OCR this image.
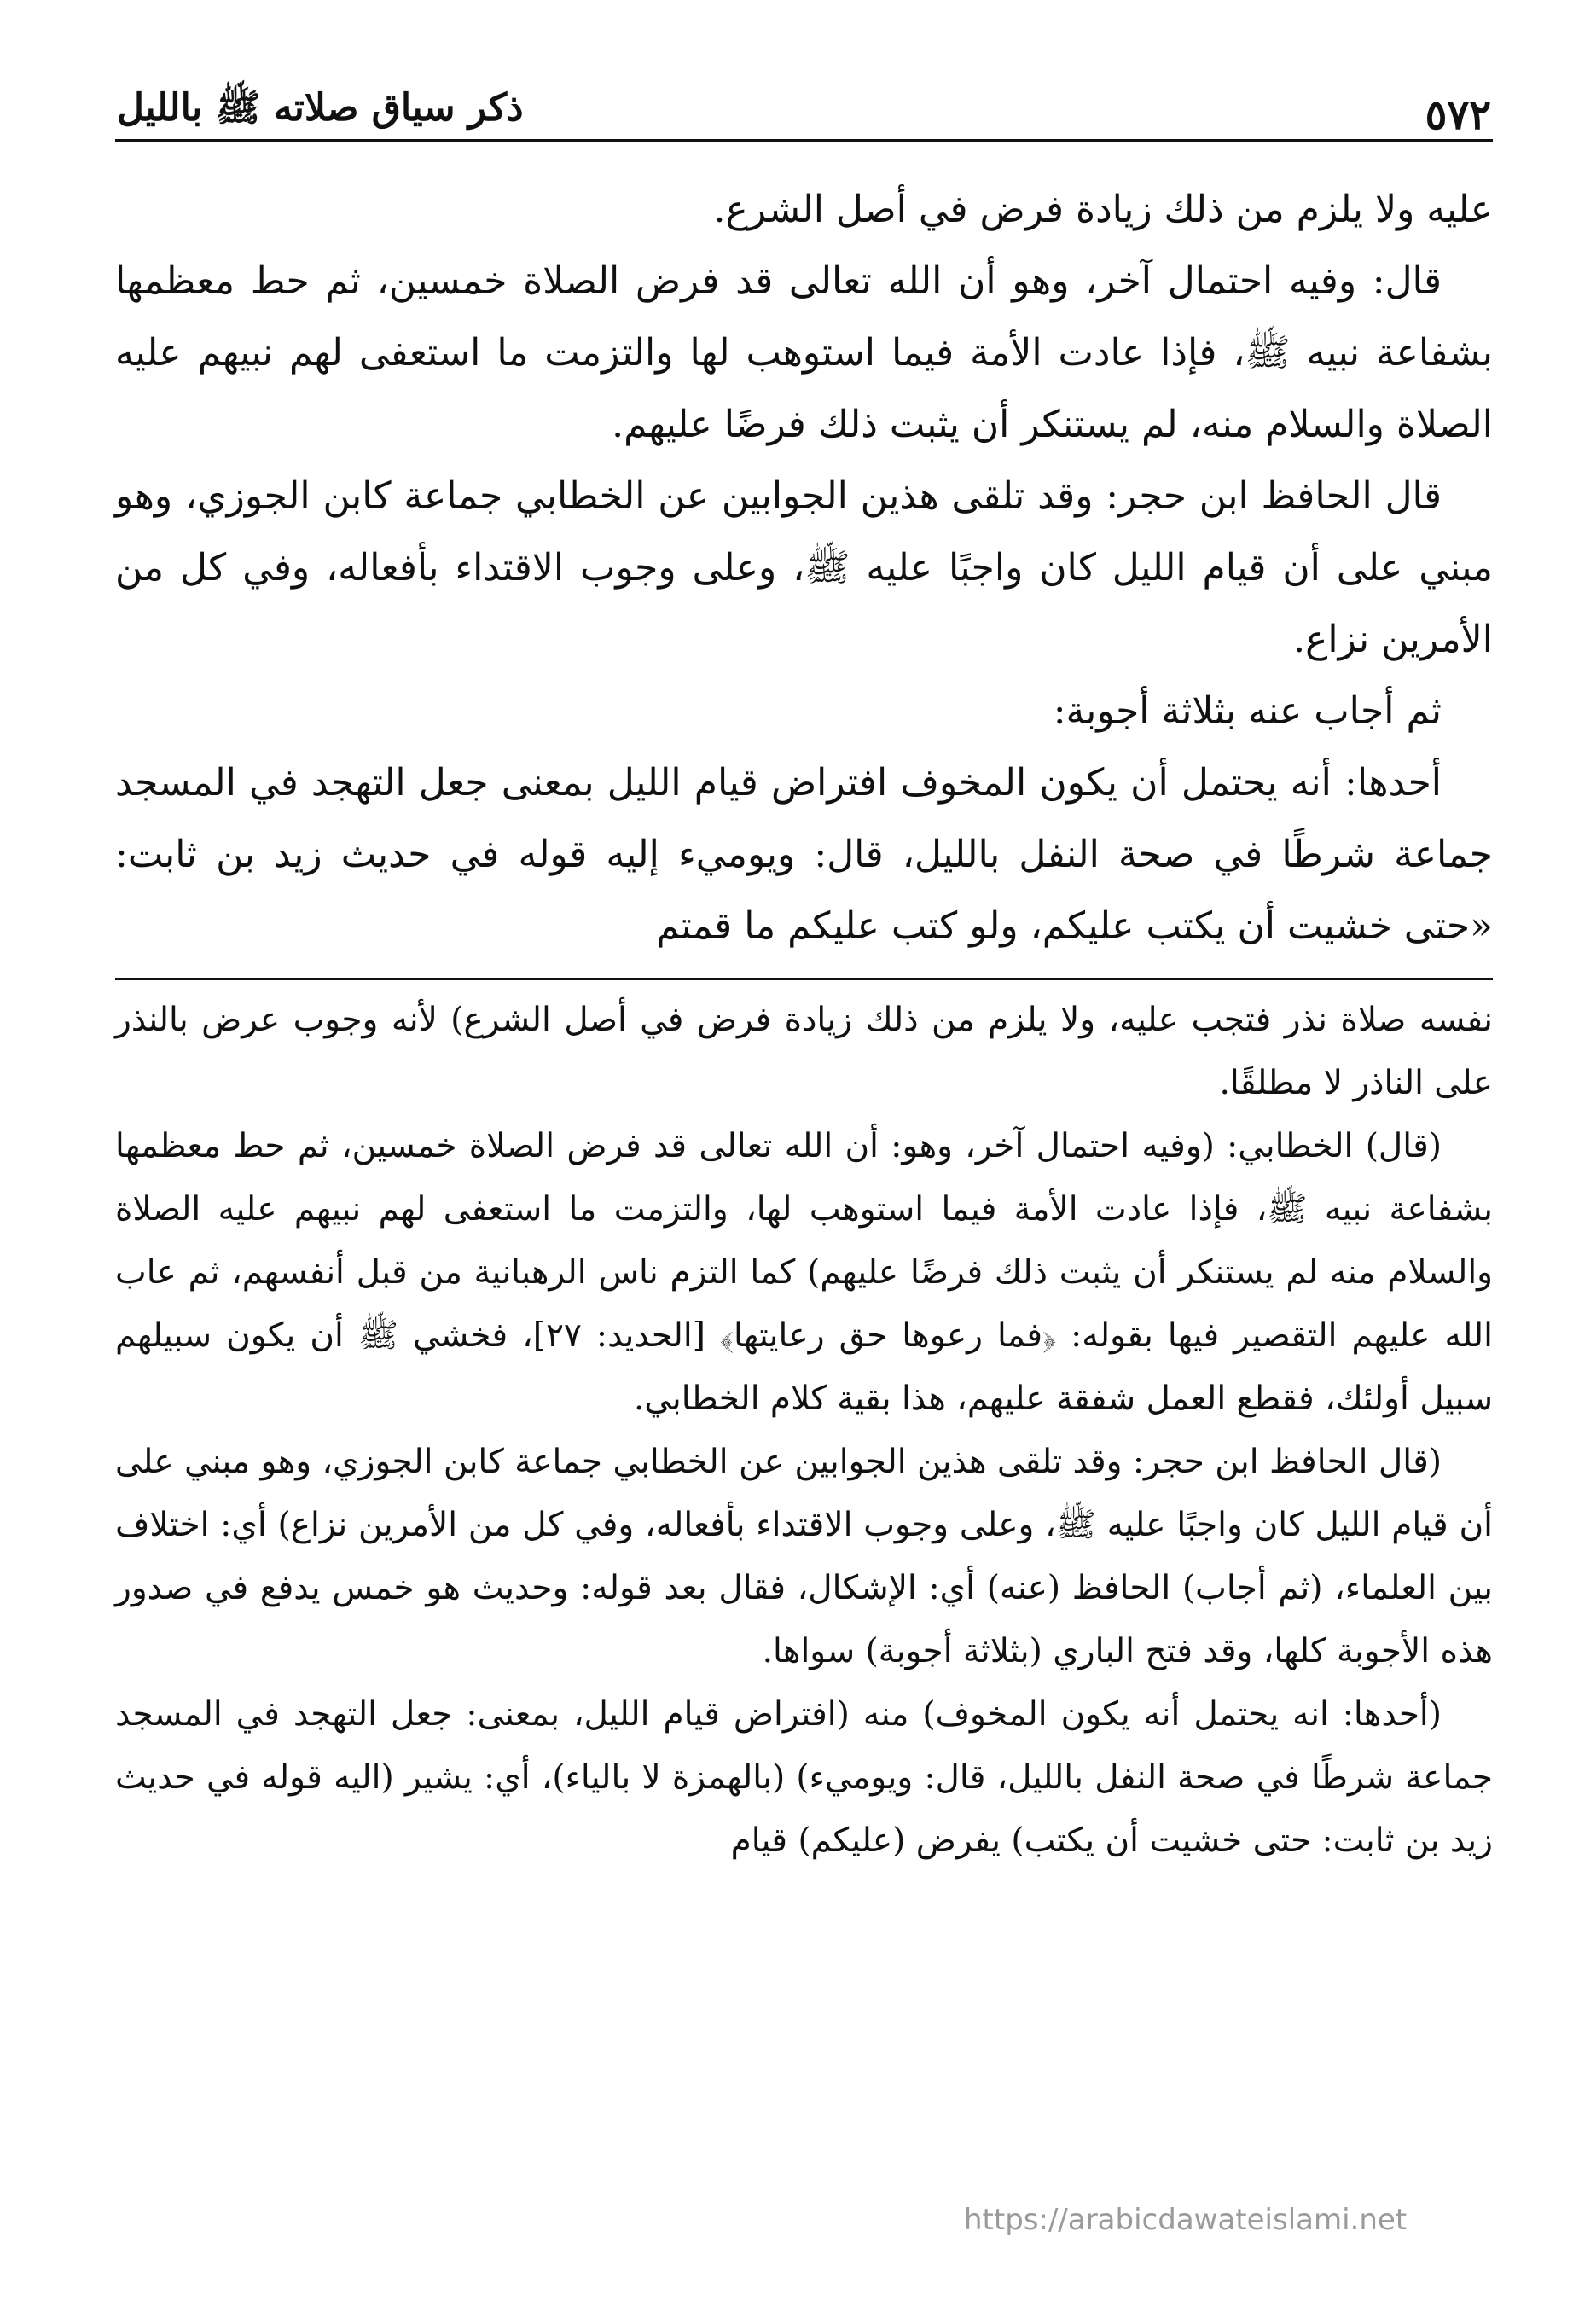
٥٧٢
ذكر سياق صلاته ﷺ بالليل

عليه ولا يلزم من ذلك زيادة فرض في أصل الشرع.

قال: وفيه احتمال آخر، وهو أن الله تعالى قد فرض الصلاة خمسين، ثم حط معظمها بشفاعة نبيه ﷺ، فإذا عادت الأمة فيما استوهب لها والتزمت ما استعفى لهم نبيهم عليه الصلاة والسلام منه، لم يستنكر أن يثبت ذلك فرضًا عليهم.

قال الحافظ ابن حجر: وقد تلقى هذين الجوابين عن الخطابي جماعة كابن الجوزي، وهو مبني على أن قيام الليل كان واجبًا عليه ﷺ، وعلى وجوب الاقتداء بأفعاله، وفي كل من الأمرين نزاع.

ثم أجاب عنه بثلاثة أجوبة:

أحدها: أنه يحتمل أن يكون المخوف افتراض قيام الليل بمعنى جعل التهجد في المسجد جماعة شرطًا في صحة النفل بالليل، قال: ويوميء إليه قوله في حديث زيد بن ثابت: «حتى خشيت أن يكتب عليكم، ولو كتب عليكم ما قمتم

نفسه صلاة نذر فتجب عليه، ولا يلزم من ذلك زيادة فرض في أصل الشرع) لأنه وجوب عرض بالنذر على الناذر لا مطلقًا.

(قال) الخطابي: (وفيه احتمال آخر، وهو: أن الله تعالى قد فرض الصلاة خمسين، ثم حط معظمها بشفاعة نبيه ﷺ، فإذا عادت الأمة فيما استوهب لها، والتزمت ما استعفى لهم نبيهم عليه الصلاة والسلام منه لم يستنكر أن يثبت ذلك فرضًا عليهم) كما التزم ناس الرهبانية من قبل أنفسهم، ثم عاب الله عليهم التقصير فيها بقوله: ﴿فما رعوها حق رعايتها﴾ [الحديد: ٢٧]، فخشي ﷺ أن يكون سبيلهم سبيل أولئك، فقطع العمل شفقة عليهم، هذا بقية كلام الخطابي.

(قال الحافظ ابن حجر: وقد تلقى هذين الجوابين عن الخطابي جماعة كابن الجوزي، وهو مبني على أن قيام الليل كان واجبًا عليه ﷺ، وعلى وجوب الاقتداء بأفعاله، وفي كل من الأمرين نزاع) أي: اختلاف بين العلماء، (ثم أجاب) الحافظ (عنه) أي: الإشكال، فقال بعد قوله: وحديث هو خمس يدفع في صدور هذه الأجوبة كلها، وقد فتح الباري (بثلاثة أجوبة) سواها.

(أحدها: انه يحتمل أنه يكون المخوف) منه (افتراض قيام الليل، بمعنى: جعل التهجد في المسجد جماعة شرطًا في صحة النفل بالليل، قال: ويوميء) (بالهمزة لا بالياء)، أي: يشير (اليه قوله في حديث زيد بن ثابت: حتى خشيت أن يكتب) يفرض (عليكم) قيام

https://arabicdawateislami.net
